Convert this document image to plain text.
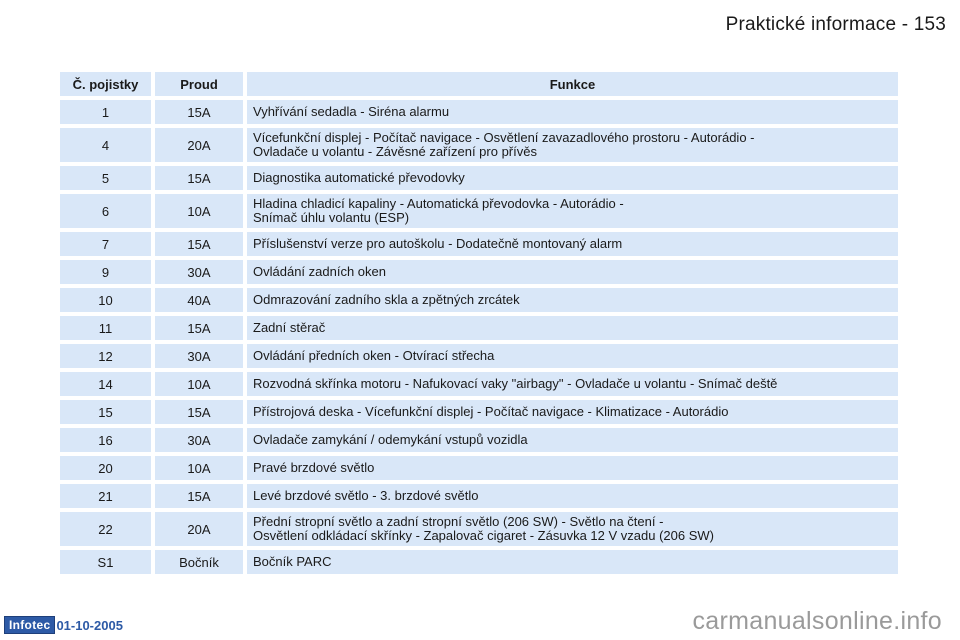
Praktické informace - 153
Č. pojistky	Proud	Funkce
1	15A	Vyhřívání sedadla - Siréna alarmu

4	20A	Vícefunkční displej - Počítač navigace - Osvětlení zavazadlového prostoru - Autorádio -
Ovladače u volantu - Závěsné zařízení pro přívěs

5	15A	Diagnostika automatické převodovky

6	10A	Hladina chladicí kapaliny - Automatická převodovka - Autorádio -
Snímač úhlu volantu (ESP)

7	15A	Příslušenství verze pro autoškolu - Dodatečně montovaný alarm

9	30A	Ovládání zadních oken

10	40A	Odmrazování zadního skla a zpětných zrcátek

11	15A	Zadní stěrač

12	30A	Ovládání předních oken - Otvírací střecha

14	10A	Rozvodná skřínka motoru - Nafukovací vaky "airbagy" - Ovladače u volantu - Snímač deště

15	15A	Přístrojová deska - Vícefunkční displej - Počítač navigace - Klimatizace - Autorádio

16	30A	Ovladače zamykání / odemykání vstupů vozidla

20	10A	Pravé brzdové světlo

21	15A	Levé brzdové světlo - 3. brzdové světlo

22	20A	Přední stropní světlo a zadní stropní světlo (206 SW) - Světlo na čtení -
Osvětlení odkládací skřínky - Zapalovač cigaret - Zásuvka 12 V vzadu (206 SW)

S1	Bočník	Bočník PARC
Infotec 01-10-2005	carmanualsonline.info
